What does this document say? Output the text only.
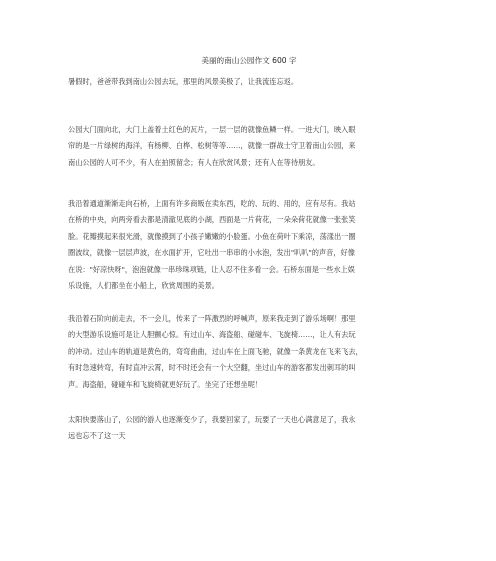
美丽的南山公园作文 600 字
暑假时，爸爸带我到南山公园去玩，那里的风景美极了，让我流连忘返。
公园大门面向北，大门上盖着土红色的瓦片，一层一层的就像鱼鳞一样。一进大门，映入眼
帘的是一片绿树的海洋，有杨柳、白桦、松树等等……，就像一群战士守卫着南山公园，来
南山公园的人可不少，有人在拍照留念；有人在欣赏风景；还有人在等待朋友。
我沿着通道渐渐走向石桥，上面有许多商贩在卖东西，吃的、玩的、用的，应有尽有。我站
在桥的中央，向两旁看去都是清澈见底的小湖，西面是一片荷花，一朵朵荷花就像一张张笑
脸。花瓣摸起来很光滑，就像摸到了小孩子嫩嫩的小脸蛋。小鱼在荷叶下乘凉，荡漾出一圈
圈波纹，就像一层层声波，在水面扩开，它吐出一串串的小水泡，发出"叭叭"的声音，好像
在说："好凉快呀"，泡泡就像一串珍珠项链，让人忍不住多看一会。石桥东面是一些水上娱
乐设施，人们都坐在小船上，欣赏周围的美景。
我沿着石阶向前走去，不一会儿，传来了一阵激烈的呼喊声，原来我走到了游乐场啊！那里
的大型游乐设施可是让人胆颤心惊。有过山车、海盗船、碰碰车、飞旋椅……，让人有去玩
的冲动。过山车的轨道是黄色的，弯弯曲曲，过山车在上面飞驰，就像一条黄龙在飞来飞去，
有时急速转弯，有时直冲云霄，时不时还会有一个大空翻，坐过山车的游客都发出刺耳的叫
声。海盗船，碰碰车和飞旋椅就更好玩了。坐完了还想坐呢！
太阳快要落山了，公园的游人也逐渐变少了，我要回家了，玩要了一天也心满意足了，我永
远也忘不了这一天
